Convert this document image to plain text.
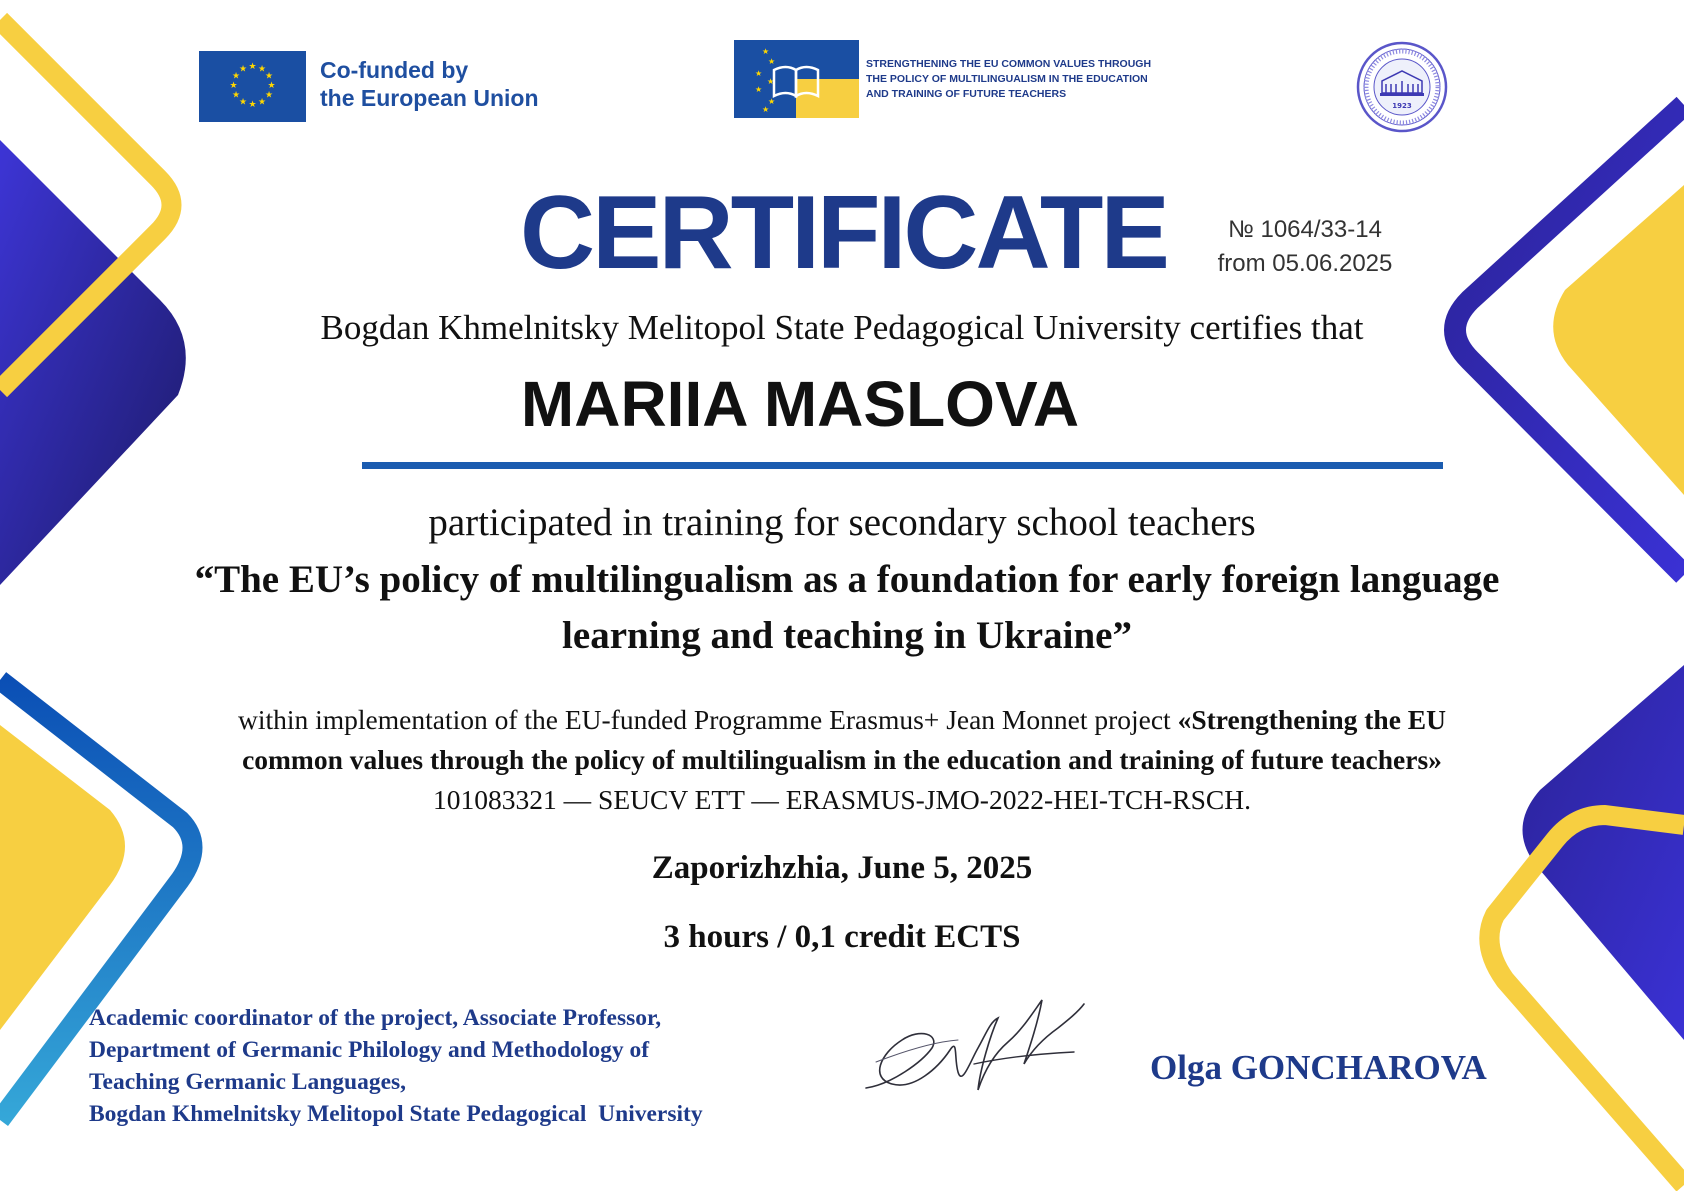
★ ★
★
★
★
★
★
★
★
★
★
★	Co-funded by
the European Union
★
★
★
★
★
★
★
STRENGTHENING THE EU COMMON VALUES THROUGH
THE POLICY OF MULTILINGUALISM IN THE EDUCATION
AND TRAINING OF FUTURE TEACHERS
1923
CERTIFICATE	№ 1064/33-14
from 05.06.2025
Bogdan Khmelnitsky Melitopol State Pedagogical University certifies that
MARIIA MASLOVA
participated in training for secondary school teachers
“The EU’s policy of multilingualism as a foundation for early foreign language
learning and teaching in Ukraine”
within implementation of the EU-funded Programme Erasmus+ Jean Monnet project «Strengthening the EU
common values through the policy of multilingualism in the education and training of future teachers»
101083321 — SEUCV ETT — ERASMUS-JMO-2022-HEI-TCH-RSCH.
Zaporizhzhia, June 5, 2025
3 hours / 0,1 credit ECTS
Academic coordinator of the project, Associate Professor,
Department of Germanic Philology and Methodology of
Teaching Germanic Languages,
Bogdan Khmelnitsky Melitopol State Pedagogical  University
Olga GONCHAROVA
